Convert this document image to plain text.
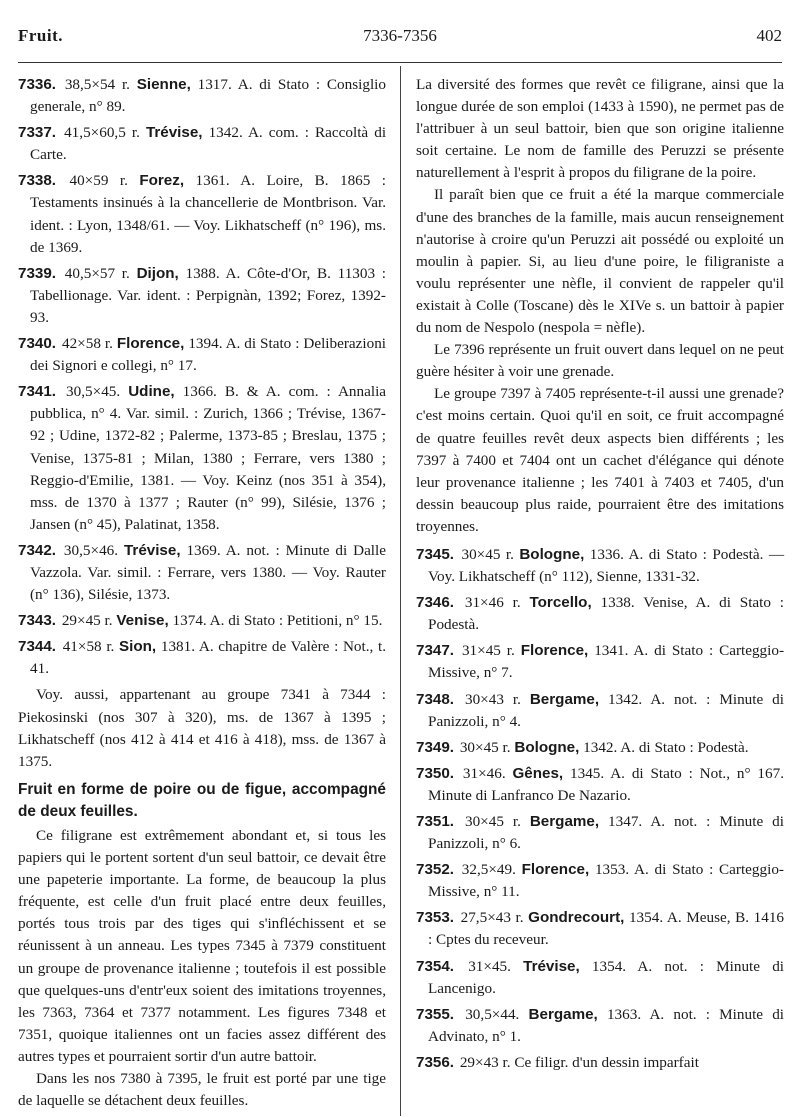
Fruit.	7336-7356	402

7336. 38,5×54 r. Sienne, 1317. A. di Stato : Consiglio generale, n° 89.

7337. 41,5×60,5 r. Trévise, 1342. A. com. : Raccoltà di Carte.

7338. 40×59 r. Forez, 1361. A. Loire, B. 1865 : Testaments insinués à la chancellerie de Montbrison. Var. ident. : Lyon, 1348/61. — Voy. Likhatscheff (n° 196), ms. de 1369.

7339. 40,5×57 r. Dijon, 1388. A. Côte-d'Or, B. 11303 : Tabellionage. Var. ident. : Perpignàn, 1392; Forez, 1392-93.

7340. 42×58 r. Florence, 1394. A. di Stato : Deliberazioni dei Signori e collegi, n° 17.

7341. 30,5×45. Udine, 1366. B. & A. com. : Annalia pubblica, n° 4. Var. simil. : Zurich, 1366 ; Trévise, 1367-92 ; Udine, 1372-82 ; Palerme, 1373-85 ; Breslau, 1375 ; Venise, 1375-81 ; Milan, 1380 ; Ferrare, vers 1380 ; Reggio-d'Emilie, 1381. — Voy. Keinz (nos 351 à 354), mss. de 1370 à 1377 ; Rauter (n° 99), Silésie, 1376 ; Jansen (n° 45), Palatinat, 1358.

7342. 30,5×46. Trévise, 1369. A. not. : Minute di Dalle Vazzola. Var. simil. : Ferrare, vers 1380. — Voy. Rauter (n° 136), Silésie, 1373.

7343. 29×45 r. Venise, 1374. A. di Stato : Petitioni, n° 15.

7344. 41×58 r. Sion, 1381. A. chapitre de Valère : Not., t. 41.

Voy. aussi, appartenant au groupe 7341 à 7344 : Piekosinski (nos 307 à 320), ms. de 1367 à 1395 ; Likhatscheff (nos 412 à 414 et 416 à 418), mss. de 1367 à 1375.

Fruit en forme de poire ou de figue, accompagné de deux feuilles.

Ce filigrane est extrêmement abondant et, si tous les papiers qui le portent sortent d'un seul battoir, ce devait être une papeterie importante. La forme, de beaucoup la plus fréquente, est celle d'un fruit placé entre deux feuilles, portés tous trois par des tiges qui s'infléchissent et se réunissent à un anneau. Les types 7345 à 7379 constituent un groupe de provenance italienne ; toutefois il est possible que quelques-uns d'entr'eux soient des imitations troyennes, les 7363, 7364 et 7377 notamment. Les figures 7348 et 7351, quoique italiennes ont un facies assez différent des autres types et pourraient sortir d'un autre battoir.

Dans les nos 7380 à 7395, le fruit est porté par une tige de laquelle se détachent deux feuilles.

La diversité des formes que revêt ce filigrane, ainsi que la longue durée de son emploi (1433 à 1590), ne permet pas de l'attribuer à un seul battoir, bien que son origine italienne soit certaine. Le nom de famille des Peruzzi se présente naturellement à l'esprit à propos du filigrane de la poire.

Il paraît bien que ce fruit a été la marque commerciale d'une des branches de la famille, mais aucun renseignement n'autorise à croire qu'un Peruzzi ait possédé ou exploité un moulin à papier. Si, au lieu d'une poire, le filigraniste a voulu représenter une nèfle, il convient de rappeler qu'il existait à Colle (Toscane) dès le XIVe s. un battoir à papier du nom de Nespolo (nespola = nèfle).

Le 7396 représente un fruit ouvert dans lequel on ne peut guère hésiter à voir une grenade.

Le groupe 7397 à 7405 représente-t-il aussi une grenade? c'est moins certain. Quoi qu'il en soit, ce fruit accompagné de quatre feuilles revêt deux aspects bien différents ; les 7397 à 7400 et 7404 ont un cachet d'élégance qui dénote leur provenance italienne ; les 7401 à 7403 et 7405, d'un dessin beaucoup plus raide, pourraient être des imitations troyennes.

7345. 30×45 r. Bologne, 1336. A. di Stato : Podestà. — Voy. Likhatscheff (n° 112), Sienne, 1331-32.

7346. 31×46 r. Torcello, 1338. Venise, A. di Stato : Podestà.

7347. 31×45 r. Florence, 1341. A. di Stato : Carteggio-Missive, n° 7.

7348. 30×43 r. Bergame, 1342. A. not. : Minute di Panizzoli, n° 4.

7349. 30×45 r. Bologne, 1342. A. di Stato : Podestà.

7350. 31×46. Gênes, 1345. A. di Stato : Not., n° 167. Minute di Lanfranco De Nazario.

7351. 30×45 r. Bergame, 1347. A. not. : Minute di Panizzoli, n° 6.

7352. 32,5×49. Florence, 1353. A. di Stato : Carteggio-Missive, n° 11.

7353. 27,5×43 r. Gondrecourt, 1354. A. Meuse, B. 1416 : Cptes du receveur.

7354. 31×45. Trévise, 1354. A. not. : Minute di Lancenigo.

7355. 30,5×44. Bergame, 1363. A. not. : Minute di Advinato, n° 1.

7356. 29×43 r. Ce filigr. d'un dessin imparfait
